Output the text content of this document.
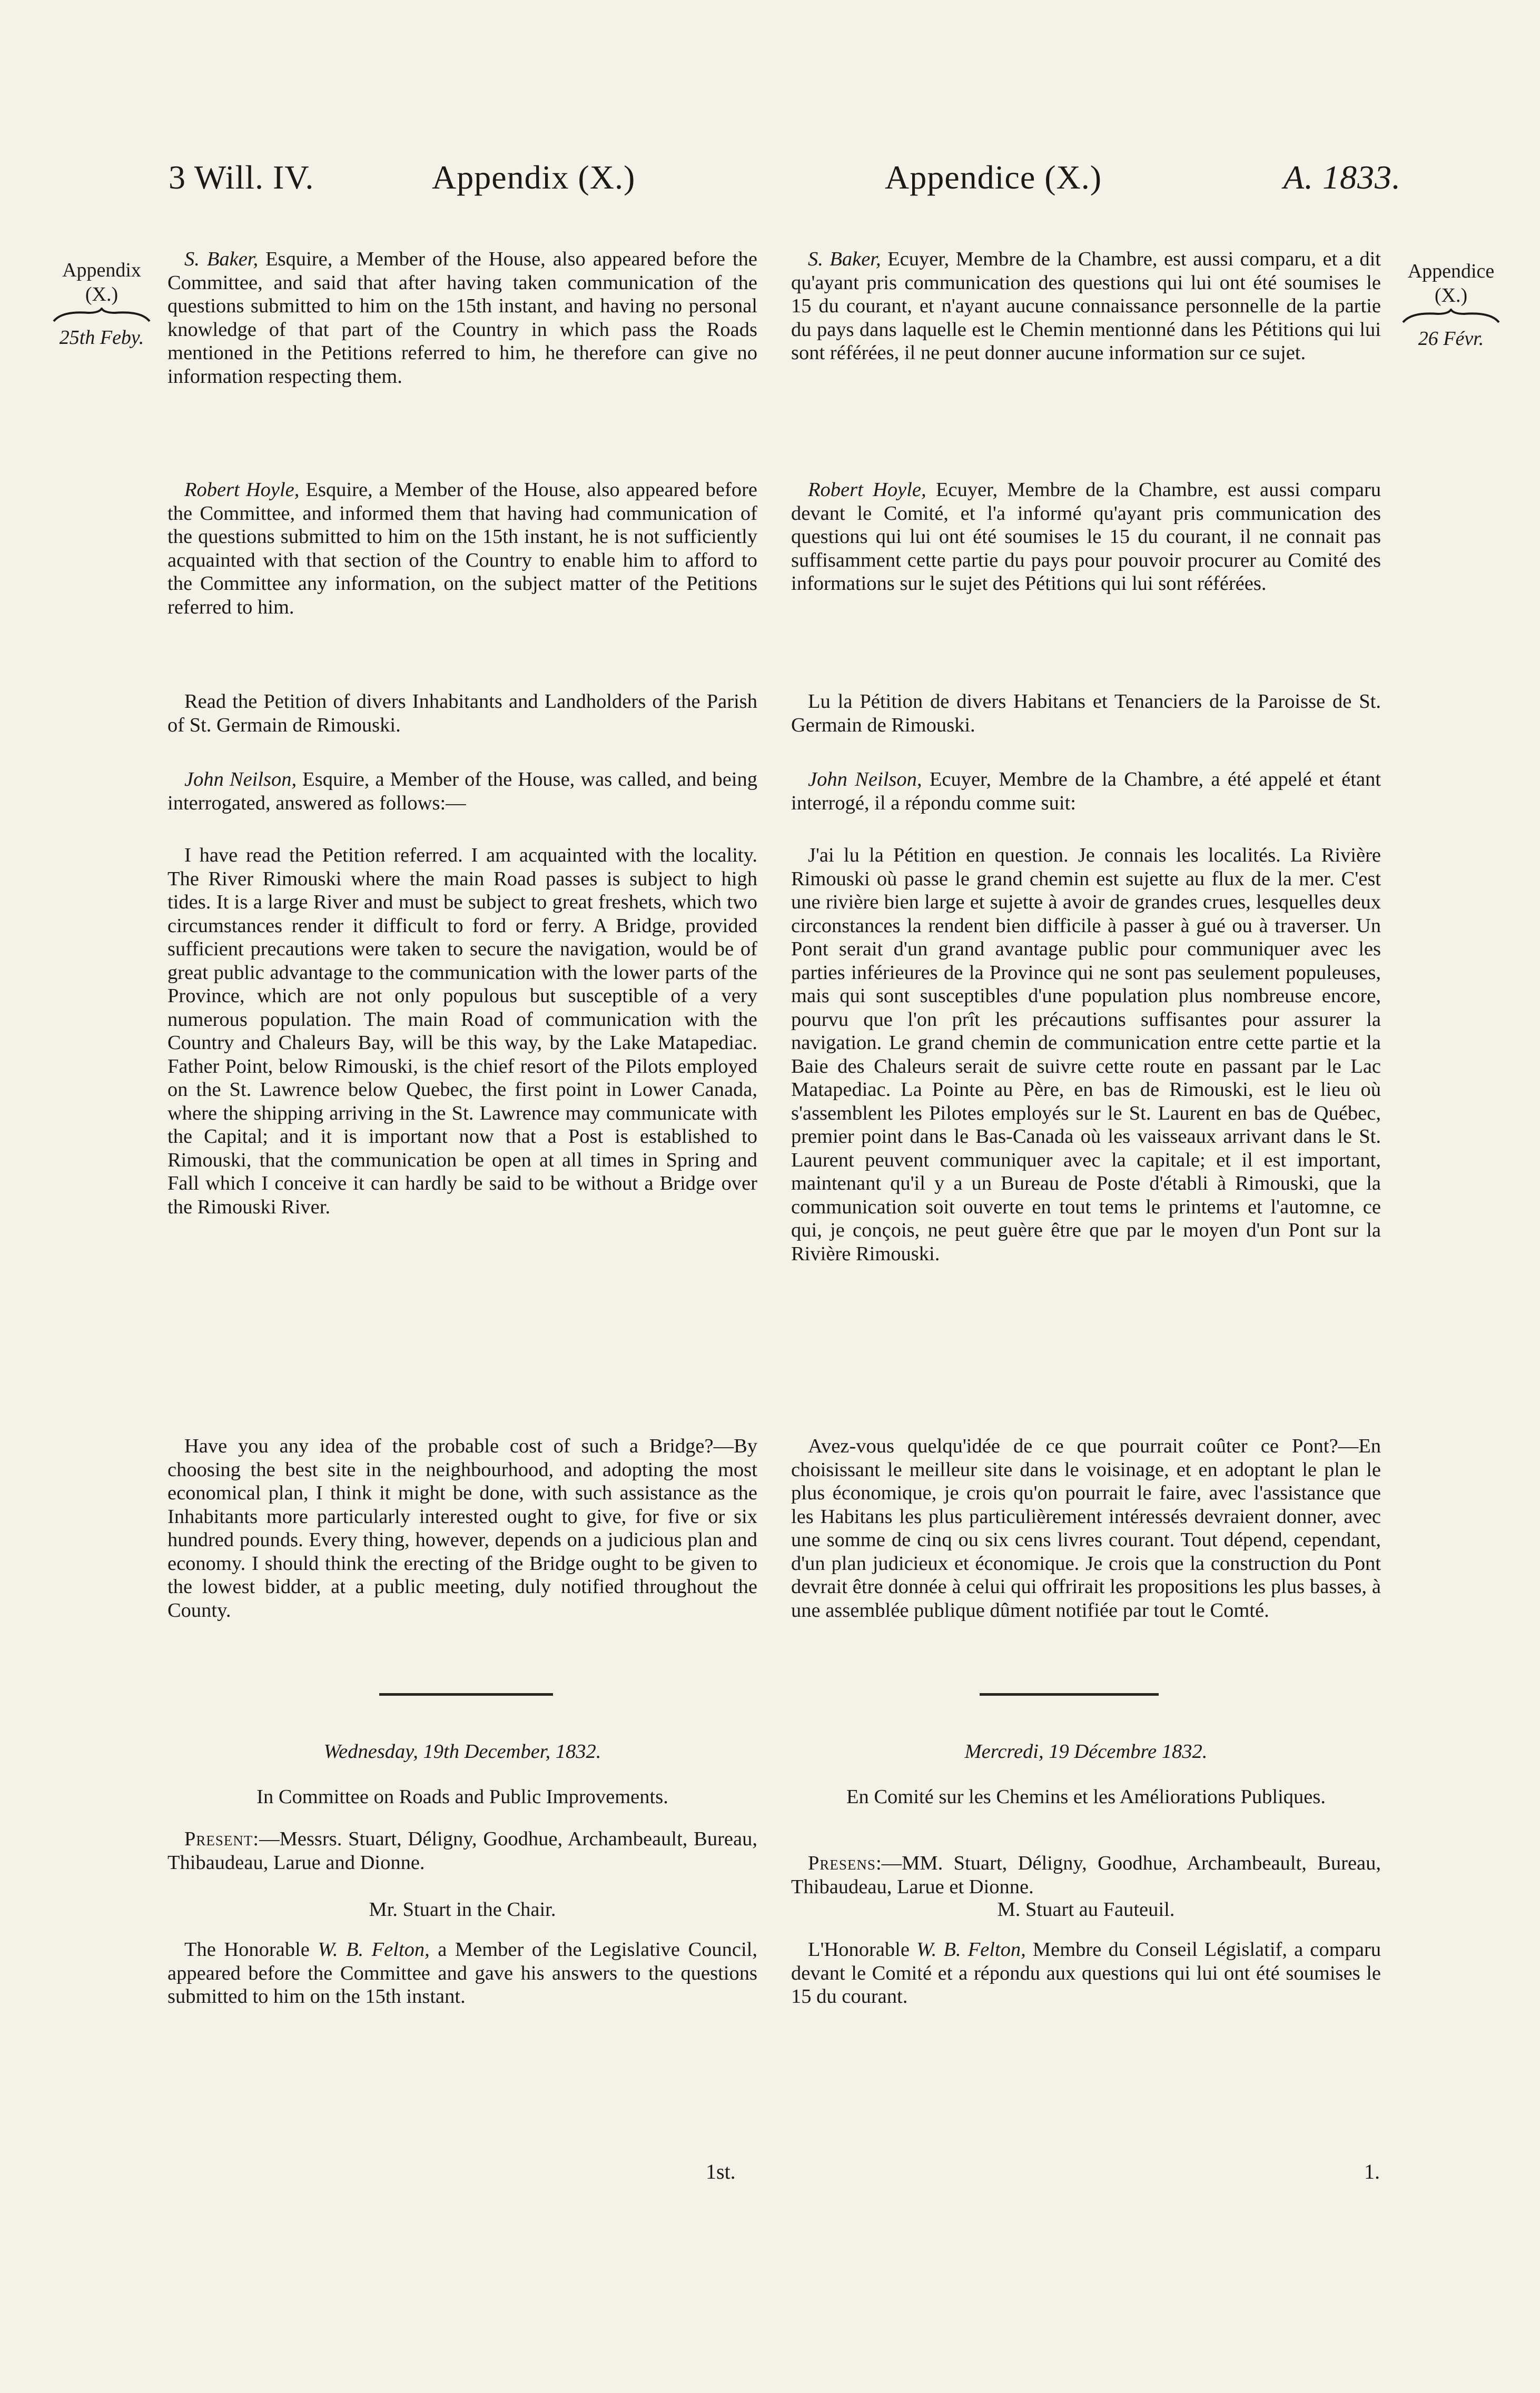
3 Will. IV.	Appendix (X.)	Appendice (X.)	A. 1833.
Appendix
(X.)
25th Feby.
Appendice
(X.)
26 Févr.

S. Baker, Esquire, a Member of the House, also appeared before the Committee, and said that after having taken communication of the questions submitted to him on the 15th instant, and having no personal knowledge of that part of the Country in which pass the Roads mentioned in the Petitions referred to him, he therefore can give no information respecting them.

Robert Hoyle, Esquire, a Member of the House, also appeared before the Committee, and informed them that having had communication of the questions submitted to him on the 15th instant, he is not sufficiently acquainted with that section of the Country to enable him to afford to the Committee any information, on the subject matter of the Petitions referred to him.

Read the Petition of divers Inhabitants and Landholders of the Parish of St. Germain de Rimouski.

John Neilson, Esquire, a Member of the House, was called, and being interrogated, answered as follows:—

I have read the Petition referred. I am acquainted with the locality. The River Rimouski where the main Road passes is subject to high tides. It is a large River and must be subject to great freshets, which two circumstances render it difficult to ford or ferry. A Bridge, provided sufficient precautions were taken to secure the navigation, would be of great public advantage to the communication with the lower parts of the Province, which are not only populous but susceptible of a very numerous population. The main Road of communication with the Country and Chaleurs Bay, will be this way, by the Lake Matapediac. Father Point, below Rimouski, is the chief resort of the Pilots employed on the St. Lawrence below Quebec, the first point in Lower Canada, where the shipping arriving in the St. Lawrence may communicate with the Capital; and it is important now that a Post is established to Rimouski, that the communication be open at all times in Spring and Fall which I conceive it can hardly be said to be without a Bridge over the Rimouski River.

Have you any idea of the probable cost of such a Bridge?—By choosing the best site in the neighbourhood, and adopting the most economical plan, I think it might be done, with such assistance as the Inhabitants more particularly interested ought to give, for five or six hundred pounds. Every thing, however, depends on a judicious plan and economy. I should think the erecting of the Bridge ought to be given to the lowest bidder, at a public meeting, duly notified throughout the County.

Wednesday, 19th December, 1832.

In Committee on Roads and Public Improvements.

Present:—Messrs. Stuart, Déligny, Goodhue, Archambeault, Bureau, Thibaudeau, Larue and Dionne.

Mr. Stuart in the Chair.

The Honorable W. B. Felton, a Member of the Legislative Council, appeared before the Committee and gave his answers to the questions submitted to him on the 15th instant.

S. Baker, Ecuyer, Membre de la Chambre, est aussi comparu, et a dit qu'ayant pris communication des questions qui lui ont été soumises le 15 du courant, et n'ayant aucune connaissance personnelle de la partie du pays dans laquelle est le Chemin mentionné dans les Pétitions qui lui sont référées, il ne peut donner aucune information sur ce sujet.

Robert Hoyle, Ecuyer, Membre de la Chambre, est aussi comparu devant le Comité, et l'a informé qu'ayant pris communication des questions qui lui ont été soumises le 15 du courant, il ne connait pas suffisamment cette partie du pays pour pouvoir procurer au Comité des informations sur le sujet des Pétitions qui lui sont référées.

Lu la Pétition de divers Habitans et Tenanciers de la Paroisse de St. Germain de Rimouski.

John Neilson, Ecuyer, Membre de la Chambre, a été appelé et étant interrogé, il a répondu comme suit:

J'ai lu la Pétition en question. Je connais les localités. La Rivière Rimouski où passe le grand chemin est sujette au flux de la mer. C'est une rivière bien large et sujette à avoir de grandes crues, lesquelles deux circonstances la rendent bien difficile à passer à gué ou à traverser. Un Pont serait d'un grand avantage public pour communiquer avec les parties inférieures de la Province qui ne sont pas seulement populeuses, mais qui sont susceptibles d'une population plus nombreuse encore, pourvu que l'on prît les précautions suffisantes pour assurer la navigation. Le grand chemin de communication entre cette partie et la Baie des Chaleurs serait de suivre cette route en passant par le Lac Matapediac. La Pointe au Père, en bas de Rimouski, est le lieu où s'assemblent les Pilotes employés sur le St. Laurent en bas de Québec, premier point dans le Bas-Canada où les vaisseaux arrivant dans le St. Laurent peuvent communiquer avec la capitale; et il est important, maintenant qu'il y a un Bureau de Poste d'établi à Rimouski, que la communication soit ouverte en tout tems le printems et l'automne, ce qui, je conçois, ne peut guère être que par le moyen d'un Pont sur la Rivière Rimouski.

Avez-vous quelqu'idée de ce que pourrait coûter ce Pont?—En choisissant le meilleur site dans le voisinage, et en adoptant le plan le plus économique, je crois qu'on pourrait le faire, avec l'assistance que les Habitans les plus particulièrement intéressés devraient donner, avec une somme de cinq ou six cens livres courant. Tout dépend, cependant, d'un plan judicieux et économique. Je crois que la construction du Pont devrait être donnée à celui qui offrirait les propositions les plus basses, à une assemblée publique dûment notifiée par tout le Comté.

Mercredi, 19 Décembre 1832.

En Comité sur les Chemins et les Améliorations Publiques.

Presens:—MM. Stuart, Déligny, Goodhue, Archambeault, Bureau, Thibaudeau, Larue et Dionne.

M. Stuart au Fauteuil.

L'Honorable W. B. Felton, Membre du Conseil Législatif, a comparu devant le Comité et a répondu aux questions qui lui ont été soumises le 15 du courant.

1st.	1.
